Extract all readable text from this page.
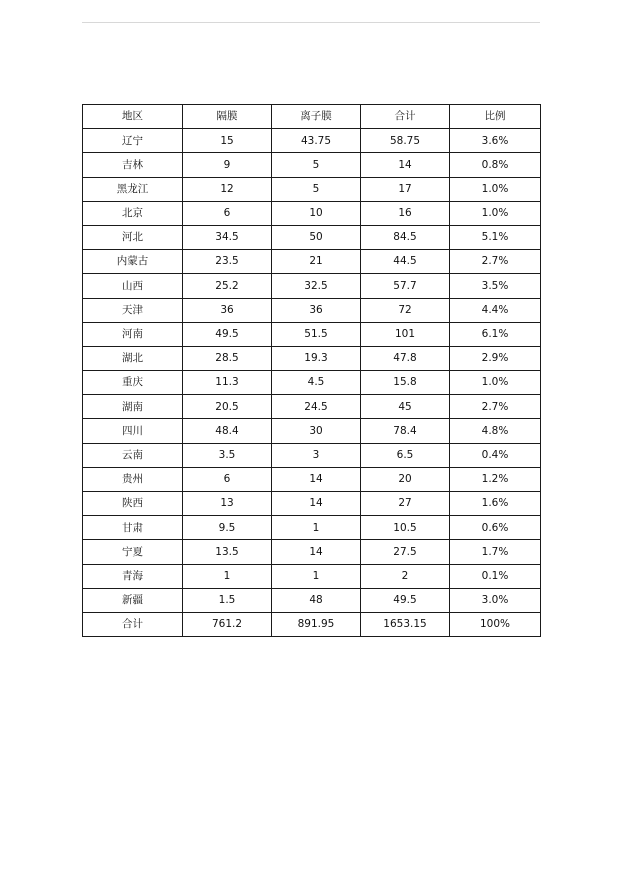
地区	隔膜	离子膜	合计	比例
辽宁	15	43.75	58.75	3.6%
吉林	9	5	14	0.8%
黑龙江	12	5	17	1.0%
北京	6	10	16	1.0%
河北	34.5	50	84.5	5.1%
内蒙古	23.5	21	44.5	2.7%
山西	25.2	32.5	57.7	3.5%
天津	36	36	72	4.4%
河南	49.5	51.5	101	6.1%
湖北	28.5	19.3	47.8	2.9%
重庆	11.3	4.5	15.8	1.0%
湖南	20.5	24.5	45	2.7%
四川	48.4	30	78.4	4.8%
云南	3.5	3	6.5	0.4%
贵州	6	14	20	1.2%
陕西	13	14	27	1.6%
甘肃	9.5	1	10.5	0.6%
宁夏	13.5	14	27.5	1.7%
青海	1	1	2	0.1%
新疆	1.5	48	49.5	3.0%
合计	761.2	891.95	1653.15	100%
